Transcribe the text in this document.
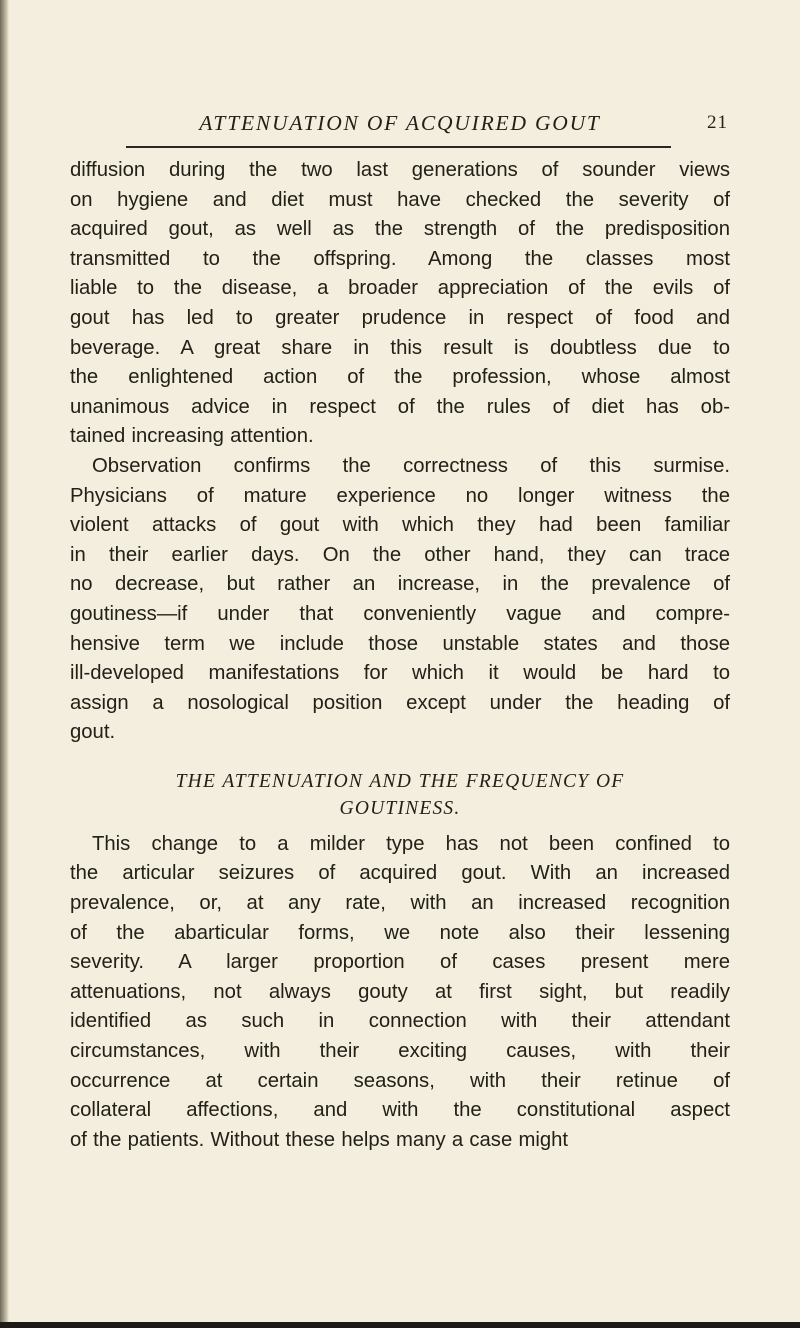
ATTENUATION OF ACQUIRED GOUT	21
diffusion during the two last generations of sounder views
on hygiene and diet must have checked the severity of
acquired gout, as well as the strength of the predisposition
transmitted to the offspring. Among the classes most
liable to the disease, a broader appreciation of the evils of
gout has led to greater prudence in respect of food and
beverage. A great share in this result is doubtless due to
the enlightened action of the profession, whose almost
unanimous advice in respect of the rules of diet has ob-
tained increasing attention.
Observation confirms the correctness of this surmise.
Physicians of mature experience no longer witness the
violent attacks of gout with which they had been familiar
in their earlier days. On the other hand, they can trace
no decrease, but rather an increase, in the prevalence of
goutiness—if under that conveniently vague and compre-
hensive term we include those unstable states and those
ill-developed manifestations for which it would be hard to
assign a nosological position except under the heading of
gout.
THE ATTENUATION AND THE FREQUENCY OF
GOUTINESS.
This change to a milder type has not been confined to
the articular seizures of acquired gout. With an increased
prevalence, or, at any rate, with an increased recognition
of the abarticular forms, we note also their lessening
severity. A larger proportion of cases present mere
attenuations, not always gouty at first sight, but readily
identified as such in connection with their attendant
circumstances, with their exciting causes, with their
occurrence at certain seasons, with their retinue of
collateral affections, and with the constitutional aspect
of the patients. Without these helps many a case might
